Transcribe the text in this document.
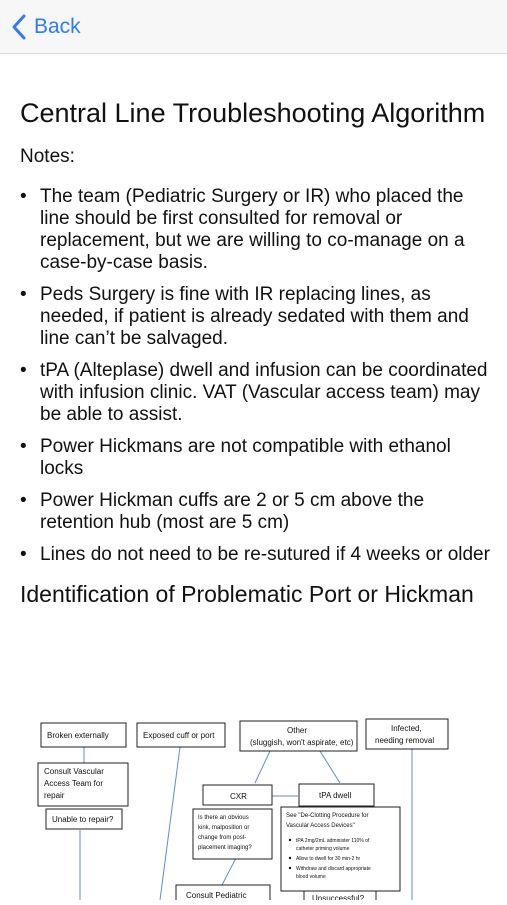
Back
Central Line Troubleshooting Algorithm
Notes:
• The team (Pediatric Surgery or IR) who placed the line should be first consulted for removal or replacement, but we are willing to co-manage on a case-by-case basis.
• Peds Surgery is fine with IR replacing lines, as needed, if patient is already sedated with them and line can’t be salvaged.
• tPA (Alteplase) dwell and infusion can be coordinated with infusion clinic. VAT (Vascular access team) may be able to assist.
• Power Hickmans are not compatible with ethanol locks
• Power Hickman cuffs are 2 or 5 cm above the retention hub (most are 5 cm)
• Lines do not need to be re-sutured if 4 weeks or older
Identification of Problematic Port or Hickman
Broken externally	Exposed cuff or port
Other
(sluggish, won't aspirate, etc)
Infected,
needing removal
Consult Vascular
Access Team for
repair
Unable to repair?
CXR	tPA dwell
Is there an obvious
kink, malposition or
change from post-
placement imaging?
See "De-Clotting Procedure for
Vascular Access Devices"
tPA 2mg/2mL administer 110% of
catheter priming volume
Allow to dwell for 30 min-2 hr
Withdraw and discard appropriate
blood volume
Consult Pediatric	Unsuccessful?
